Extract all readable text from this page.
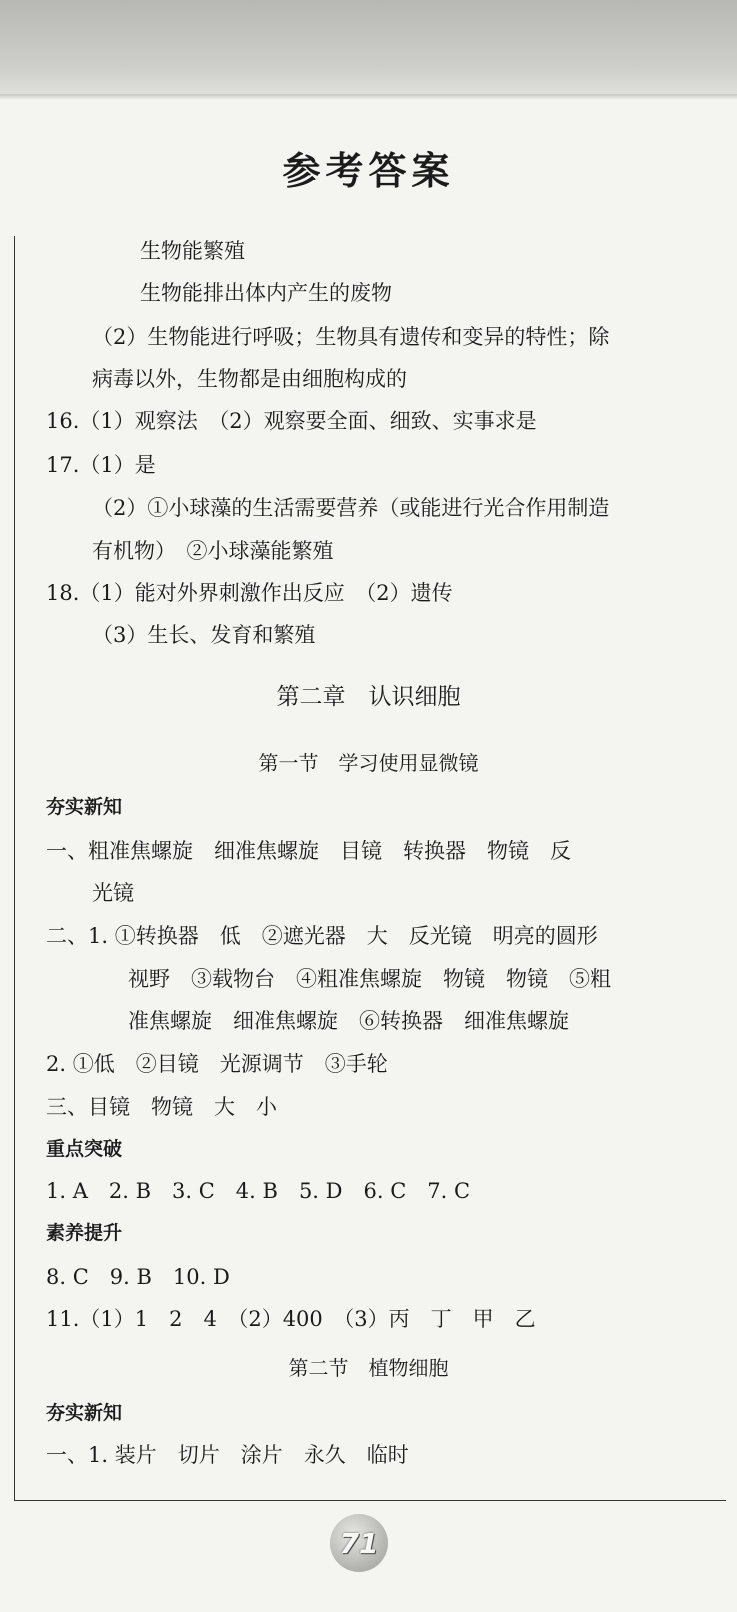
参考答案
生物能繁殖
生物能排出体内产生的废物
（2）生物能进行呼吸；生物具有遗传和变异的特性；除
病毒以外，生物都是由细胞构成的
16.（1）观察法　（2）观察要全面、细致、实事求是
17.（1）是
（2）①小球藻的生活需要营养（或能进行光合作用制造
有机物）　②小球藻能繁殖
18.（1）能对外界刺激作出反应　（2）遗传
（3）生长、发育和繁殖
第二章　认识细胞
第一节　学习使用显微镜
夯实新知
一、粗准焦螺旋　细准焦螺旋　目镜　转换器　物镜　反
光镜
二、1. ①转换器　低　②遮光器　大　反光镜　明亮的圆形
视野　③载物台　④粗准焦螺旋　物镜　物镜　⑤粗
准焦螺旋　细准焦螺旋　⑥转换器　细准焦螺旋
2. ①低　②目镜　光源调节　③手轮
三、目镜　物镜　大　小
重点突破
1. A　2. B　3. C　4. B　5. D　6. C　7. C
素养提升
8. C　9. B　10. D
11.（1）1　2　4　（2）400　（3）丙　丁　甲　乙
第二节　植物细胞
夯实新知
一、1. 装片　切片　涂片　永久　临时
71
